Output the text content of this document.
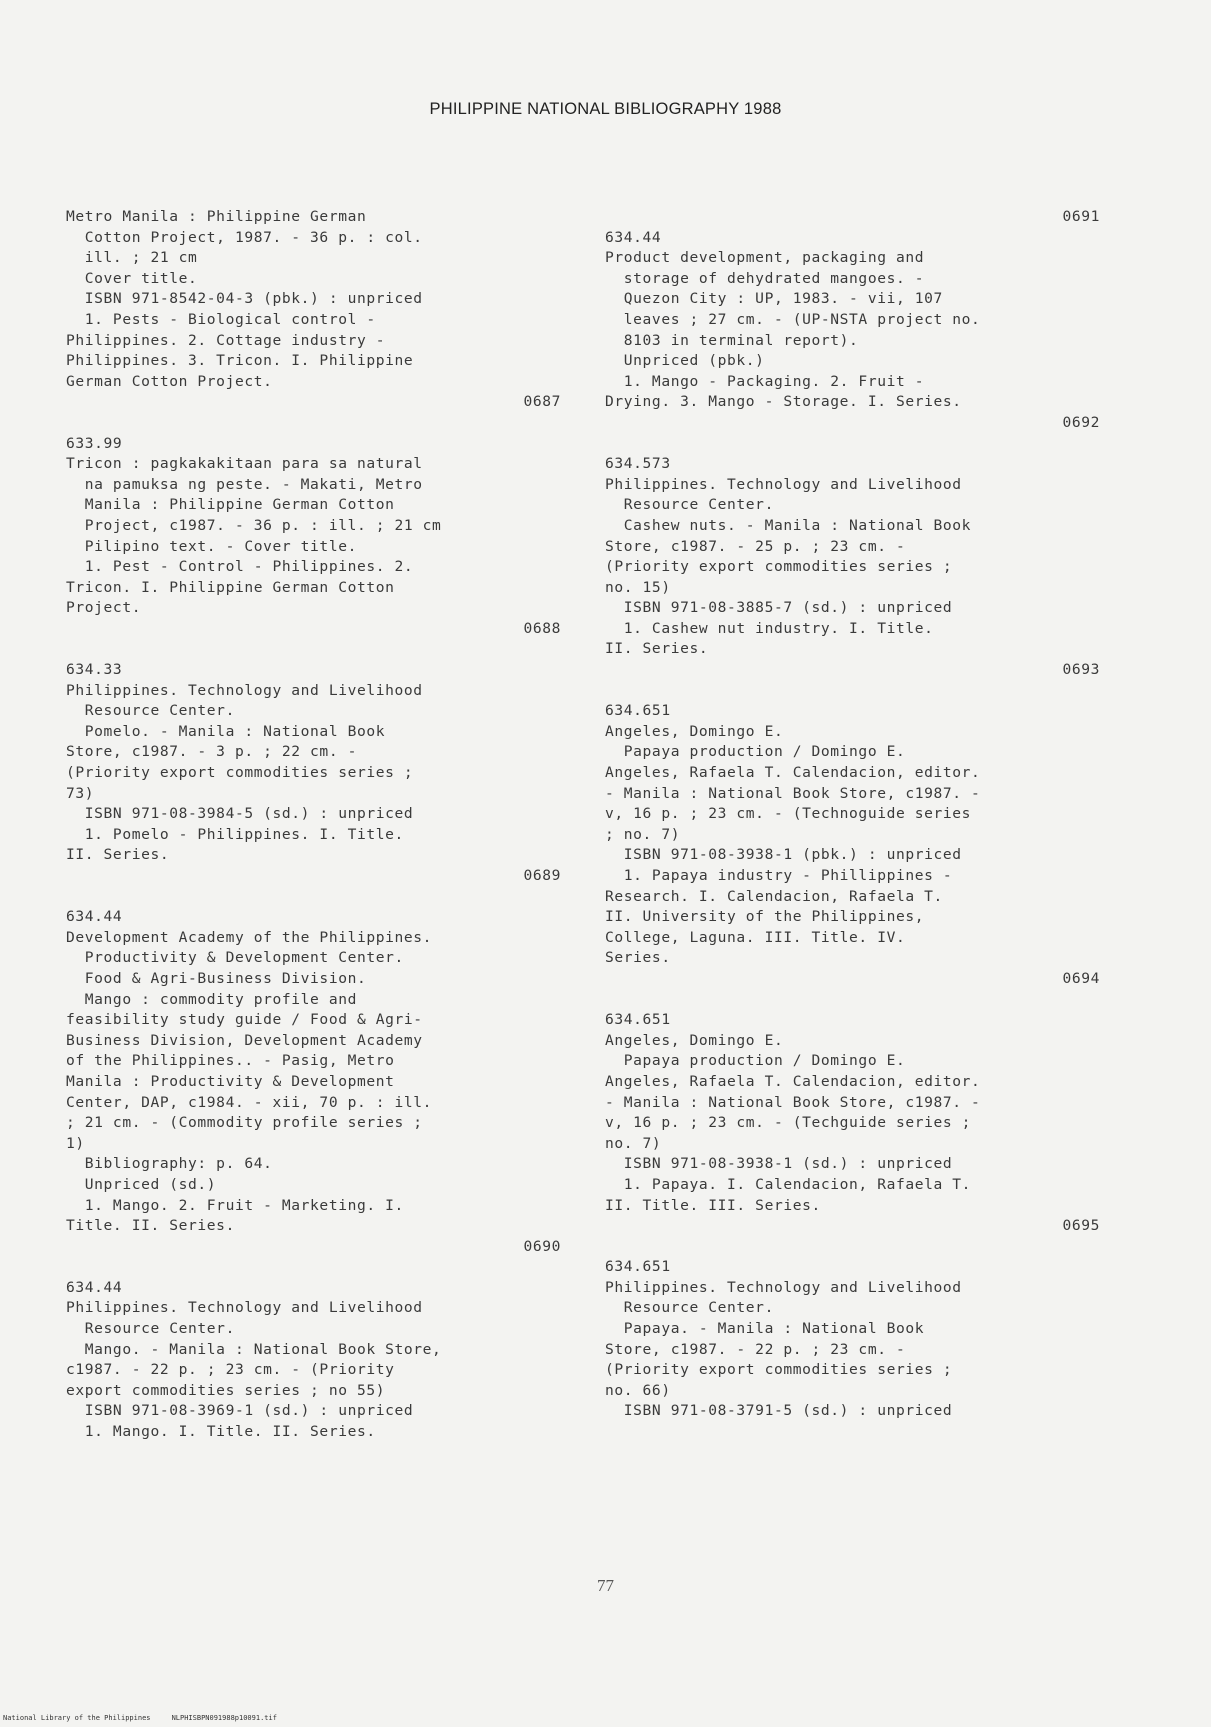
PHILIPPINE NATIONAL BIBLIOGRAPHY 1988
Metro Manila : Philippine German
Cotton Project, 1987. - 36 p. : col.
ill. ; 21 cm
Cover title.
ISBN 971-8542-04-3 (pbk.) : unpriced
1. Pests - Biological control -
Philippines. 2. Cottage industry -
Philippines. 3. Tricon. I. Philippine
German Cotton Project.
0687
633.99
Tricon : pagkakakitaan para sa natural
na pamuksa ng peste. - Makati, Metro
Manila : Philippine German Cotton
Project, c1987. - 36 p. : ill. ; 21 cm
Pilipino text. - Cover title.
1. Pest - Control - Philippines. 2.
Tricon. I. Philippine German Cotton
Project.
0688
634.33
Philippines. Technology and Livelihood
Resource Center.
Pomelo. - Manila : National Book
Store, c1987. - 3 p. ; 22 cm. -
(Priority export commodities series ;
73)
ISBN 971-08-3984-5 (sd.) : unpriced
1. Pomelo - Philippines. I. Title.
II. Series.
0689
634.44
Development Academy of the Philippines.
Productivity & Development Center.
Food & Agri-Business Division.
Mango : commodity profile and
feasibility study guide / Food & Agri-
Business Division, Development Academy
of the Philippines.. - Pasig, Metro
Manila : Productivity & Development
Center, DAP, c1984. - xii, 70 p. : ill.
; 21 cm. - (Commodity profile series ;
1)
Bibliography: p. 64.
Unpriced (sd.)
1. Mango. 2. Fruit - Marketing. I.
Title. II. Series.
0690
634.44
Philippines. Technology and Livelihood
Resource Center.
Mango. - Manila : National Book Store,
c1987. - 22 p. ; 23 cm. - (Priority
export commodities series ; no 55)
ISBN 971-08-3969-1 (sd.) : unpriced
1. Mango. I. Title. II. Series.
0691
634.44
Product development, packaging and
storage of dehydrated mangoes. -
Quezon City : UP, 1983. - vii, 107
leaves ; 27 cm. - (UP-NSTA project no.
8103 in terminal report).
Unpriced (pbk.)
1. Mango - Packaging. 2. Fruit -
Drying. 3. Mango - Storage. I. Series.
0692
634.573
Philippines. Technology and Livelihood
Resource Center.
Cashew nuts. - Manila : National Book
Store, c1987. - 25 p. ; 23 cm. -
(Priority export commodities series ;
no. 15)
ISBN 971-08-3885-7 (sd.) : unpriced
1. Cashew nut industry. I. Title.
II. Series.
0693
634.651
Angeles, Domingo E.
Papaya production / Domingo E.
Angeles, Rafaela T. Calendacion, editor.
- Manila : National Book Store, c1987. -
v, 16 p. ; 23 cm. - (Technoguide series
; no. 7)
ISBN 971-08-3938-1 (pbk.) : unpriced
1. Papaya industry - Phillippines -
Research. I. Calendacion, Rafaela T.
II. University of the Philippines,
College, Laguna. III. Title. IV.
Series.
0694
634.651
Angeles, Domingo E.
Papaya production / Domingo E.
Angeles, Rafaela T. Calendacion, editor.
- Manila : National Book Store, c1987. -
v, 16 p. ; 23 cm. - (Techguide series ;
no. 7)
ISBN 971-08-3938-1 (sd.) : unpriced
1. Papaya. I. Calendacion, Rafaela T.
II. Title. III. Series.
0695
634.651
Philippines. Technology and Livelihood
Resource Center.
Papaya. - Manila : National Book
Store, c1987. - 22 p. ; 23 cm. -
(Priority export commodities series ;
no. 66)
ISBN 971-08-3791-5 (sd.) : unpriced
77
National Library of the Philippines     NLPHISBPN091988p10091.tif
